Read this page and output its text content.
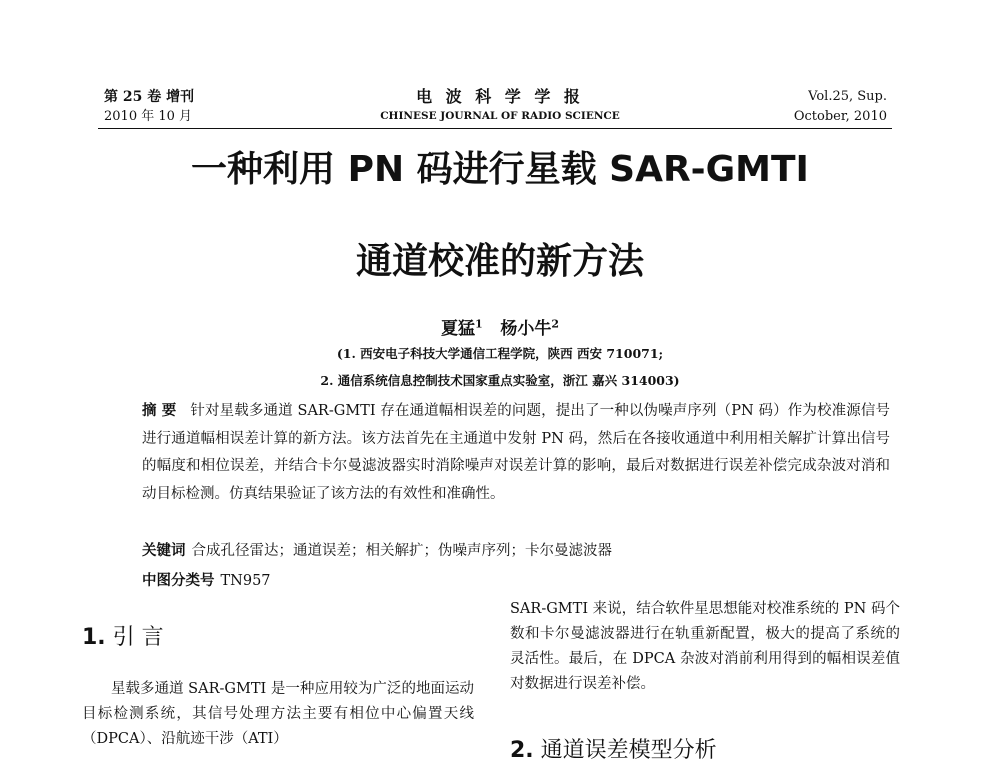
第 25 卷 增刊
2010 年 10 月
电 波 科 学 学 报
CHINESE JOURNAL OF RADIO SCIENCE
Vol.25, Sup.
October, 2010
一种利用 PN 码进行星载 SAR-GMTI
通道校准的新方法
夏猛$^1$ 杨小牛$^2$
(1. 西安电子科技大学通信工程学院，陕西 西安 710071;
2. 通信系统信息控制技术国家重点实验室，浙江 嘉兴 314003)
摘 要 针对星载多通道 SAR-GMTI 存在通道幅相误差的问题，提出了一种以伪噪声序列（PN 码）作为校准源信号进行通道幅相误差计算的新方法。该方法首先在主通道中发射 PN 码，然后在各接收通道中利用相关解扩计算出信号的幅度和相位误差，并结合卡尔曼滤波器实时消除噪声对误差计算的影响，最后对数据进行误差补偿完成杂波对消和动目标检测。仿真结果验证了该方法的有效性和准确性。
关键词 合成孔径雷达；通道误差；相关解扩；伪噪声序列；卡尔曼滤波器
中图分类号 TN957
1. 引 言

星载多通道 SAR-GMTI 是一种应用较为广泛的地面运动目标检测系统，其信号处理方法主要有相位中心偏置天线（DPCA）、沿航迹干涉（ATI）

SAR-GMTI 来说，结合软件星思想能对校准系统的 PN 码个数和卡尔曼滤波器进行在轨重新配置，极大的提高了系统的灵活性。最后，在 DPCA 杂波对消前利用得到的幅相误差值对数据进行误差补偿。

2. 通道误差模型分析
